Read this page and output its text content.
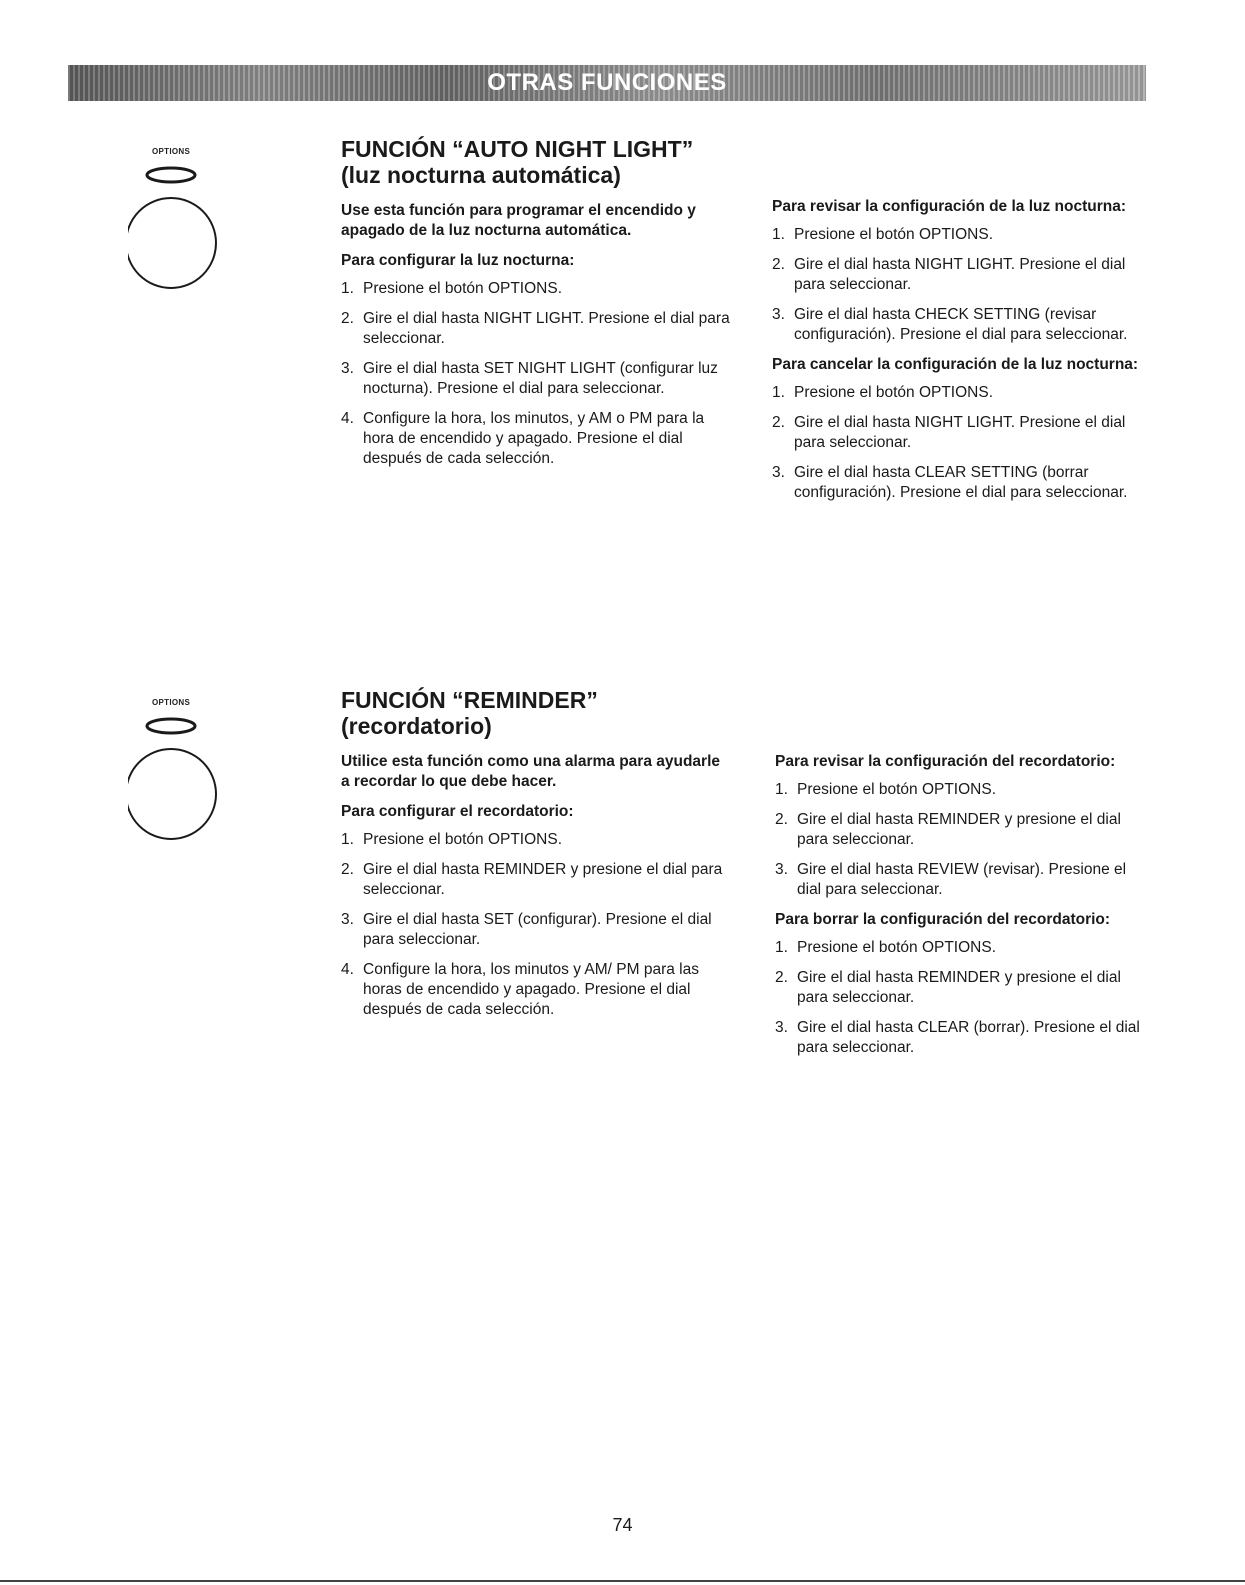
OTRAS FUNCIONES
OPTIONS	FUNCIÓN “AUTO NIGHT LIGHT”
(luz nocturna automática)

Use esta función para programar el encendido y apagado de la luz nocturna automática.

Para configurar la luz nocturna:

1. Presione el botón OPTIONS.
2. Gire el dial hasta NIGHT LIGHT. Presione el dial para seleccionar.
3. Gire el dial hasta SET NIGHT LIGHT (configurar luz nocturna). Presione el dial para seleccionar.
4. Configure la hora, los minutos, y AM o PM para la hora de encendido y apagado. Presione el dial después de cada selección.

Para revisar la configuración de la luz nocturna:

1. Presione el botón OPTIONS.
2. Gire el dial hasta NIGHT LIGHT. Presione el dial para seleccionar.
3. Gire el dial hasta CHECK SETTING (revisar configuración). Presione el dial para seleccionar.

Para cancelar la configuración de la luz nocturna:

1. Presione el botón OPTIONS.
2. Gire el dial hasta NIGHT LIGHT. Presione el dial para seleccionar.
3. Gire el dial hasta CLEAR SETTING (borrar configuración). Presione el dial para seleccionar.
OPTIONS	FUNCIÓN “REMINDER”
(recordatorio)

Utilice esta función como una alarma para ayudarle a recordar lo que debe hacer.

Para configurar el recordatorio:

1. Presione el botón OPTIONS.
2. Gire el dial hasta REMINDER y presione el dial para seleccionar.
3. Gire el dial hasta SET (configurar). Presione el dial para seleccionar.
4. Configure la hora, los minutos y AM/ PM para las horas de encendido y apagado. Presione el dial después de cada selección.

Para revisar la configuración del recordatorio:

1. Presione el botón OPTIONS.
2. Gire el dial hasta REMINDER y presione el dial para seleccionar.
3. Gire el dial hasta REVIEW (revisar). Presione el dial para seleccionar.

Para borrar la configuración del recordatorio:

1. Presione el botón OPTIONS.
2. Gire el dial hasta REMINDER y presione el dial para seleccionar.
3. Gire el dial hasta CLEAR (borrar). Presione el dial para seleccionar.
74
